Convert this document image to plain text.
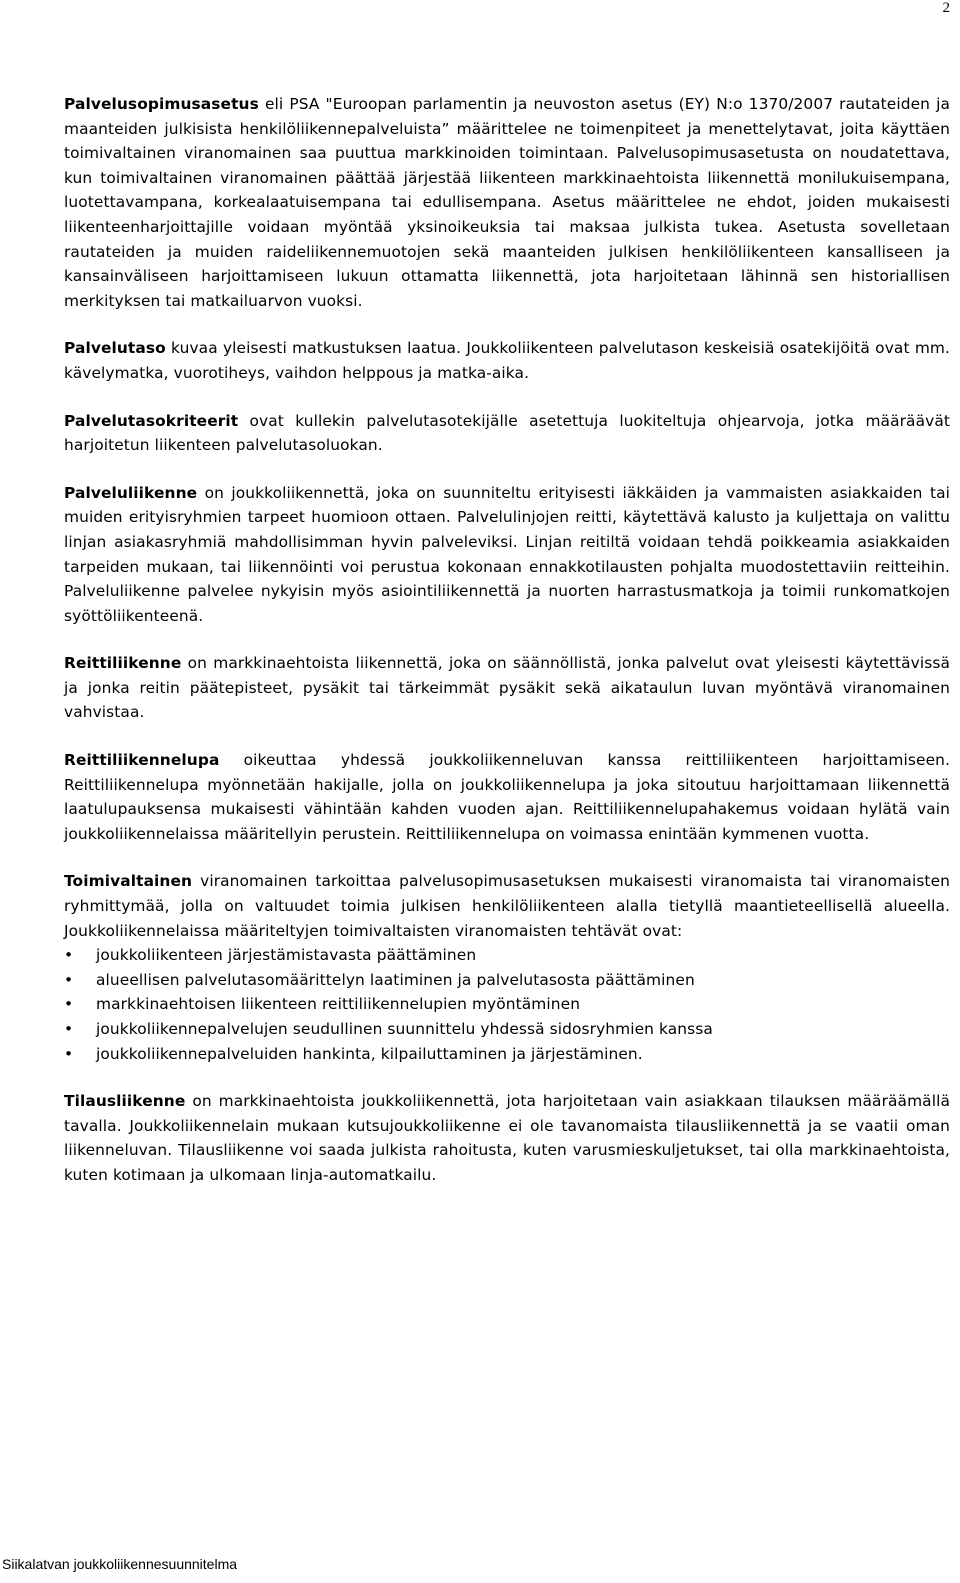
2

Palvelusopimusasetus eli PSA "Euroopan parlamentin ja neuvoston asetus (EY) N:o 1370/2007 rautateiden ja maanteiden julkisista henkilöliikennepalveluista” määrittelee ne toimenpiteet ja menettelytavat, joita käyttäen toimivaltainen viranomainen saa puuttua markkinoiden toimintaan. Palvelusopimusasetusta on noudatettava, kun toimivaltainen viranomainen päättää järjestää liikenteen markkinaehtoista liikennettä monilukuisempana, luotettavampana, korkealaatuisempana tai edullisempana. Asetus määrittelee ne ehdot, joiden mukaisesti liikenteenharjoittajille voidaan myöntää yksinoikeuksia tai maksaa julkista tukea. Asetusta sovelletaan rautateiden ja muiden raideliikennemuotojen sekä maanteiden julkisen henkilöliikenteen kansalliseen ja kansainväliseen harjoittamiseen lukuun ottamatta liikennettä, jota harjoitetaan lähinnä sen historiallisen merkityksen tai matkailuarvon vuoksi.

Palvelutaso kuvaa yleisesti matkustuksen laatua. Joukkoliikenteen palvelutason keskeisiä osatekijöitä ovat mm. kävelymatka, vuorotiheys, vaihdon helppous ja matka-aika.

Palvelutasokriteerit ovat kullekin palvelutasotekijälle asetettuja luokiteltuja ohjearvoja, jotka määräävät harjoitetun liikenteen palvelutasoluokan.

Palveluliikenne on joukkoliikennettä, joka on suunniteltu erityisesti iäkkäiden ja vammaisten asiakkaiden tai muiden erityisryhmien tarpeet huomioon ottaen. Palvelulinjojen reitti, käytettävä kalusto ja kuljettaja on valittu linjan asiakasryhmiä mahdollisimman hyvin palveleviksi. Linjan reitiltä voidaan tehdä poikkeamia asiakkaiden tarpeiden mukaan, tai liikennöinti voi perustua kokonaan ennakkotilausten pohjalta muodostettaviin reitteihin. Palveluliikenne palvelee nykyisin myös asiointiliikennettä ja nuorten harrastusmatkoja ja toimii runkomatkojen syöttöliikenteenä.

Reittiliikenne on markkinaehtoista liikennettä, joka on säännöllistä, jonka palvelut ovat yleisesti käytettävissä ja jonka reitin päätepisteet, pysäkit tai tärkeimmät pysäkit sekä aikataulun luvan myöntävä viranomainen vahvistaa.

Reittiliikennelupa oikeuttaa yhdessä joukkoliikenneluvan kanssa reittiliikenteen harjoittamiseen. Reittiliikennelupa myönnetään hakijalle, jolla on joukkoliikennelupa ja joka sitoutuu harjoittamaan liikennettä laatulupauksensa mukaisesti vähintään kahden vuoden ajan. Reittiliikennelupahakemus voidaan hylätä vain joukkoliikennelaissa määritellyin perustein. Reittiliikennelupa on voimassa enintään kymmenen vuotta.

Toimivaltainen viranomainen tarkoittaa palvelusopimusasetuksen mukaisesti viranomaista tai viranomaisten ryhmittymää, jolla on valtuudet toimia julkisen henkilöliikenteen alalla tietyllä maantieteellisellä alueella. Joukkoliikennelaissa määriteltyjen toimivaltaisten viranomaisten tehtävät ovat:

• joukkoliikenteen järjestämistavasta päättäminen
• alueellisen palvelutasomäärittelyn laatiminen ja palvelutasosta päättäminen
• markkinaehtoisen liikenteen reittiliikennelupien myöntäminen
• joukkoliikennepalvelujen seudullinen suunnittelu yhdessä sidosryhmien kanssa
• joukkoliikennepalveluiden hankinta, kilpailuttaminen ja järjestäminen.

Tilausliikenne on markkinaehtoista joukkoliikennettä, jota harjoitetaan vain asiakkaan tilauksen määräämällä tavalla. Joukkoliikennelain mukaan kutsujoukkoliikenne ei ole tavanomaista tilausliikennettä ja se vaatii oman liikenneluvan. Tilausliikenne voi saada julkista rahoitusta, kuten varusmieskuljetukset, tai olla markkinaehtoista, kuten kotimaan ja ulkomaan linja-automatkailu.

Siikalatvan joukkoliikennesuunnitelma
